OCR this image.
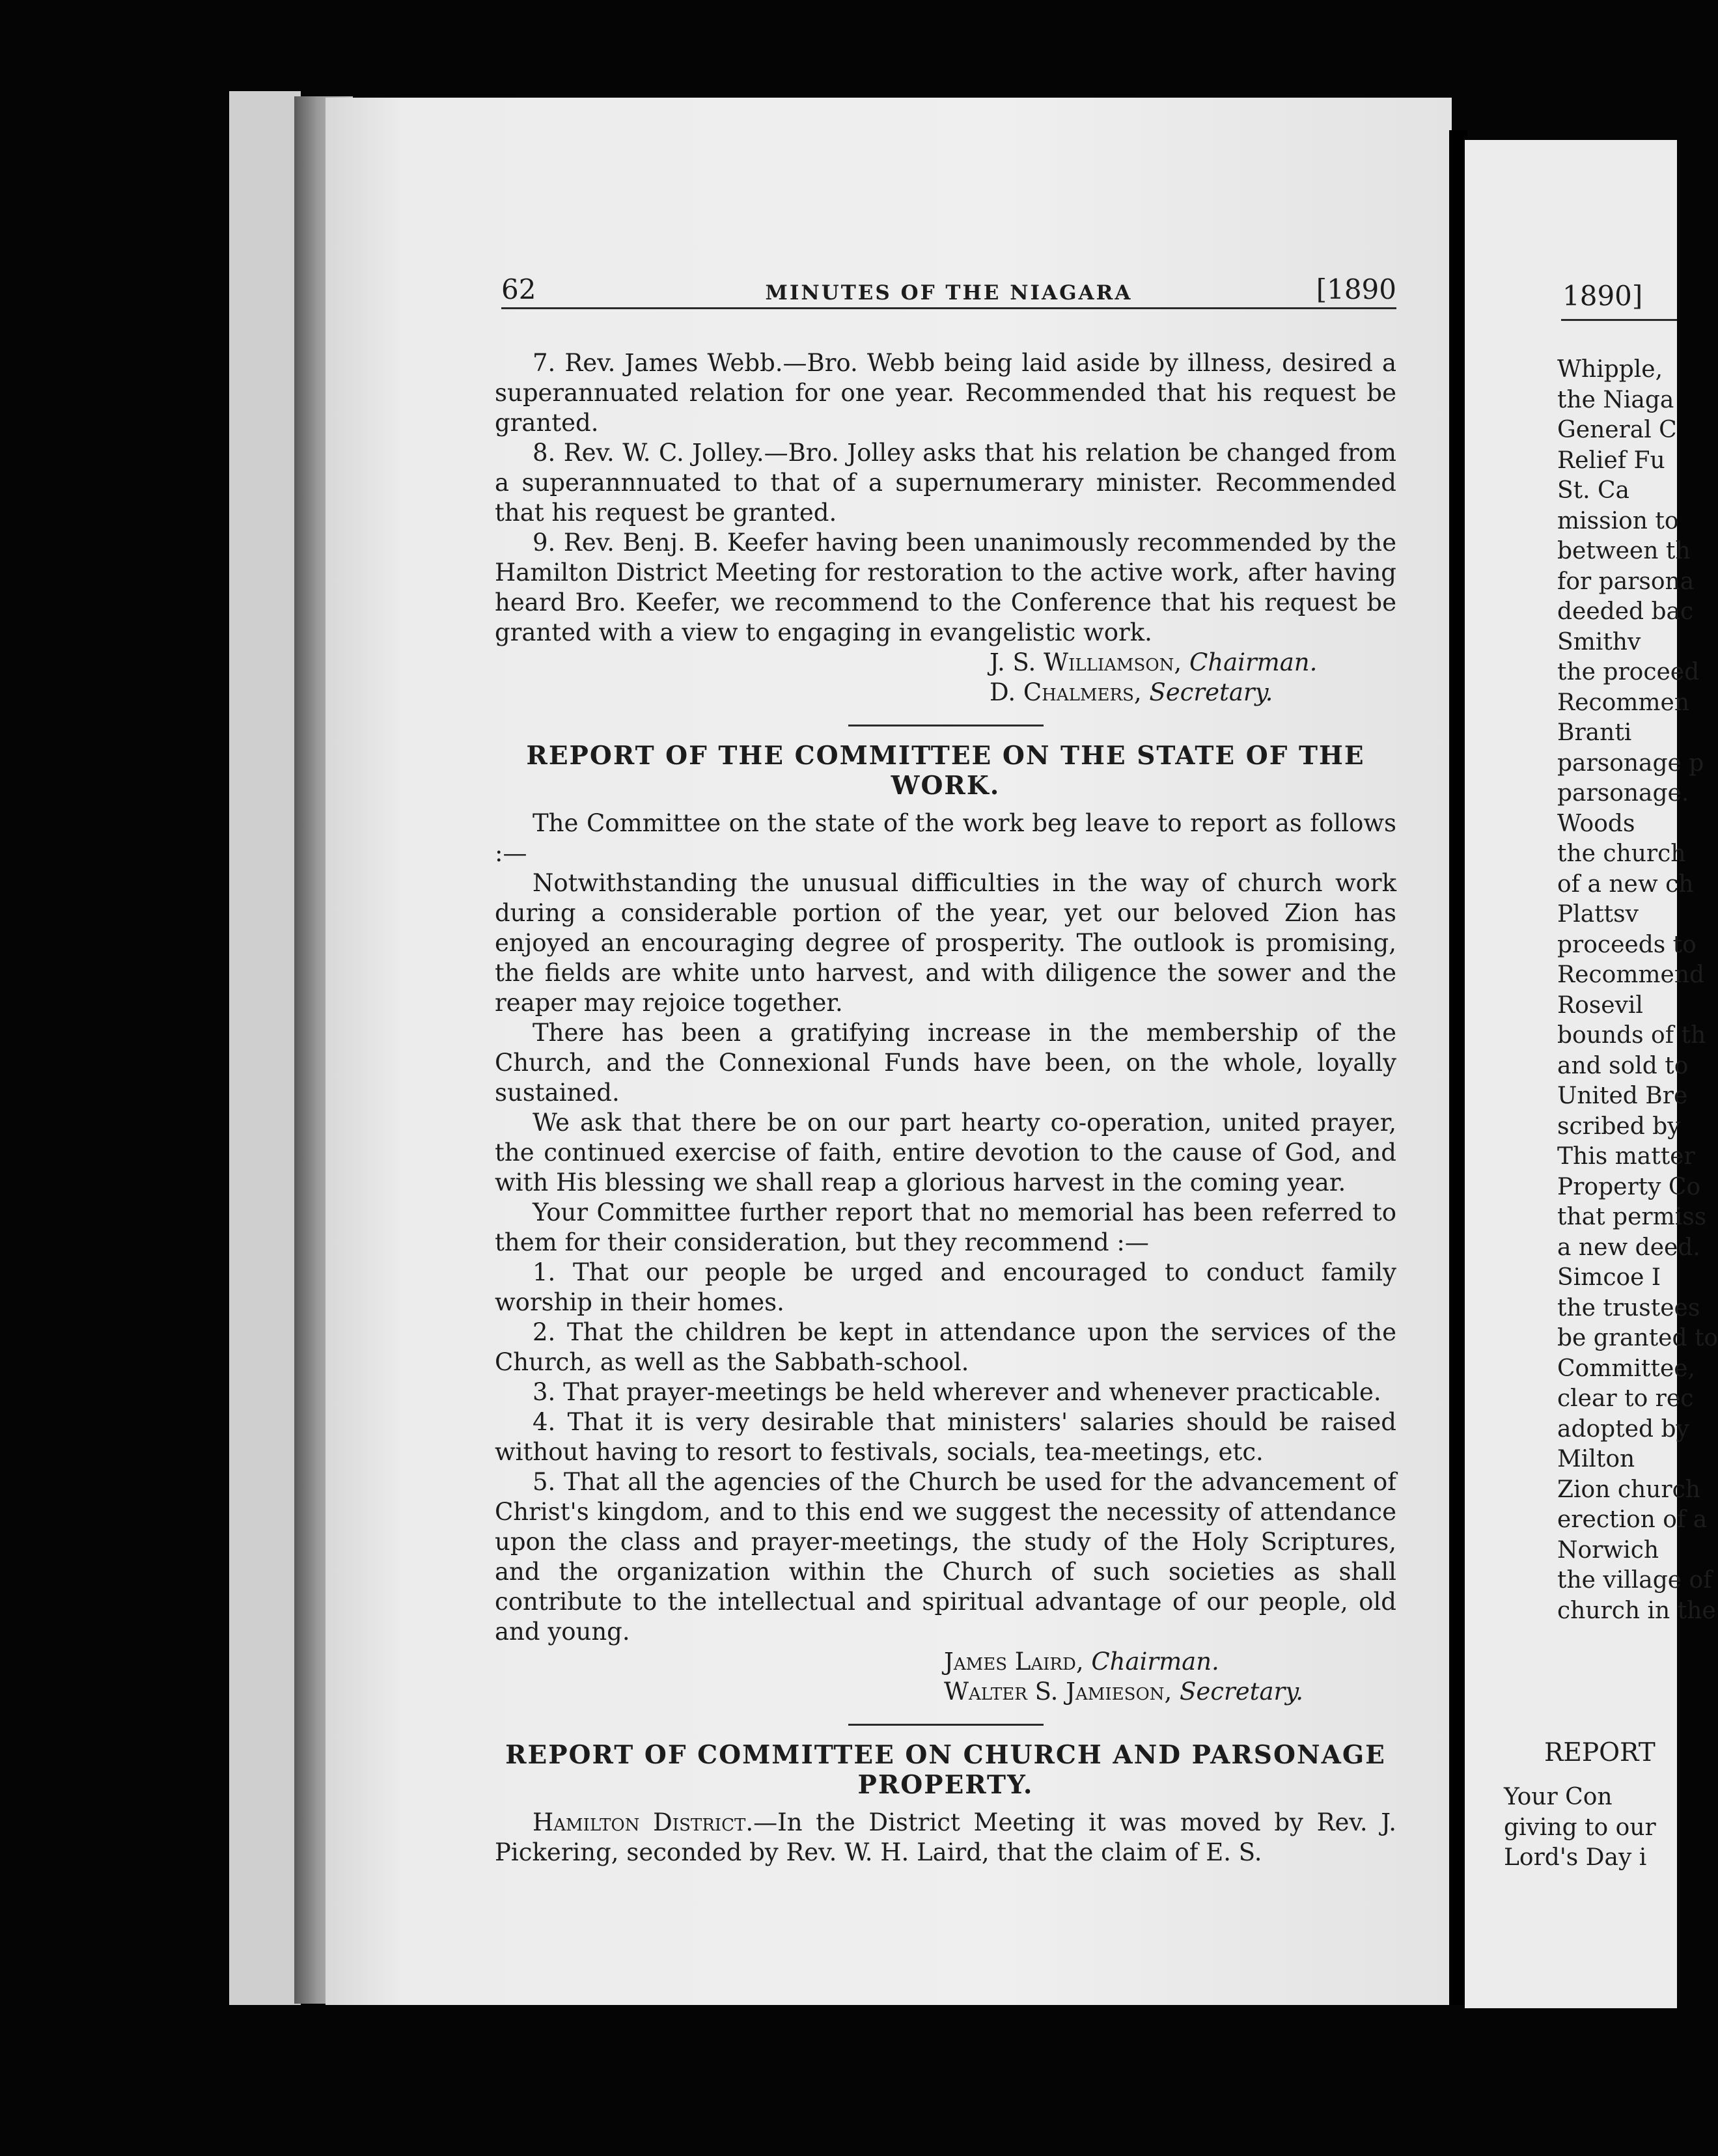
62	MINUTES OF THE NIAGARA	[1890

7. Rev. James Webb.—Bro. Webb being laid aside by illness, desired a superannuated relation for one year. Recommended that his request be granted.

8. Rev. W. C. Jolley.—Bro. Jolley asks that his relation be changed from a superannnuated to that of a supernumerary minister. Recommended that his request be granted.

9. Rev. Benj. B. Keefer having been unanimously recommended by the Hamilton District Meeting for restoration to the active work, after having heard Bro. Keefer, we recommend to the Conference that his request be granted with a view to engaging in evangelistic work.

J. S. Williamson, Chairman.
D. Chalmers, Secretary.
REPORT OF THE COMMITTEE ON THE STATE OF THE WORK.

The Committee on the state of the work beg leave to report as follows :—

Notwithstanding the unusual difficulties in the way of church work during a considerable portion of the year, yet our beloved Zion has enjoyed an encouraging degree of prosperity. The outlook is promising, the fields are white unto harvest, and with diligence the sower and the reaper may rejoice together.

There has been a gratifying increase in the membership of the Church, and the Connexional Funds have been, on the whole, loyally sustained.

We ask that there be on our part hearty co-operation, united prayer, the continued exercise of faith, entire devotion to the cause of God, and with His blessing we shall reap a glorious harvest in the coming year.

Your Committee further report that no memorial has been referred to them for their consideration, but they recommend :—

1. That our people be urged and encouraged to conduct family worship in their homes.

2. That the children be kept in attendance upon the services of the Church, as well as the Sabbath-school.

3. That prayer-meetings be held wherever and whenever practicable.

4. That it is very desirable that ministers' salaries should be raised without having to resort to festivals, socials, tea-meetings, etc.

5. That all the agencies of the Church be used for the advancement of Christ's kingdom, and to this end we suggest the necessity of attendance upon the class and prayer-meetings, the study of the Holy Scriptures, and the organization within the Church of such societies as shall contribute to the intellectual and spiritual advantage of our people, old and young.

James Laird, Chairman.
Walter S. Jamieson, Secretary.
REPORT OF COMMITTEE ON CHURCH AND PARSONAGE PROPERTY.

Hamilton District.—In the District Meeting it was moved by Rev. J. Pickering, seconded by Rev. W. H. Laird, that the claim of E. S.

1890]
Whipple,
the Niaga
General C
Relief Fu
St. Ca
mission to
between th
for parsona
deeded bac
Smithv
the proceed
Recommen
Branti
parsonage p
parsonage.
Woods
the church
of a new ch
Plattsv
proceeds to
Recommend
Rosevil
bounds of th
and sold to
United Bre
scribed by
This matter
Property Co
that permiss
a new deed.
Simcoe I
the trustees
be granted to
Committee,
clear to rec
adopted by
Milton
Zion church
erection of a
Norwich
the village of
church in the
REPORT
Your Con
giving to our
Lord's Day i
